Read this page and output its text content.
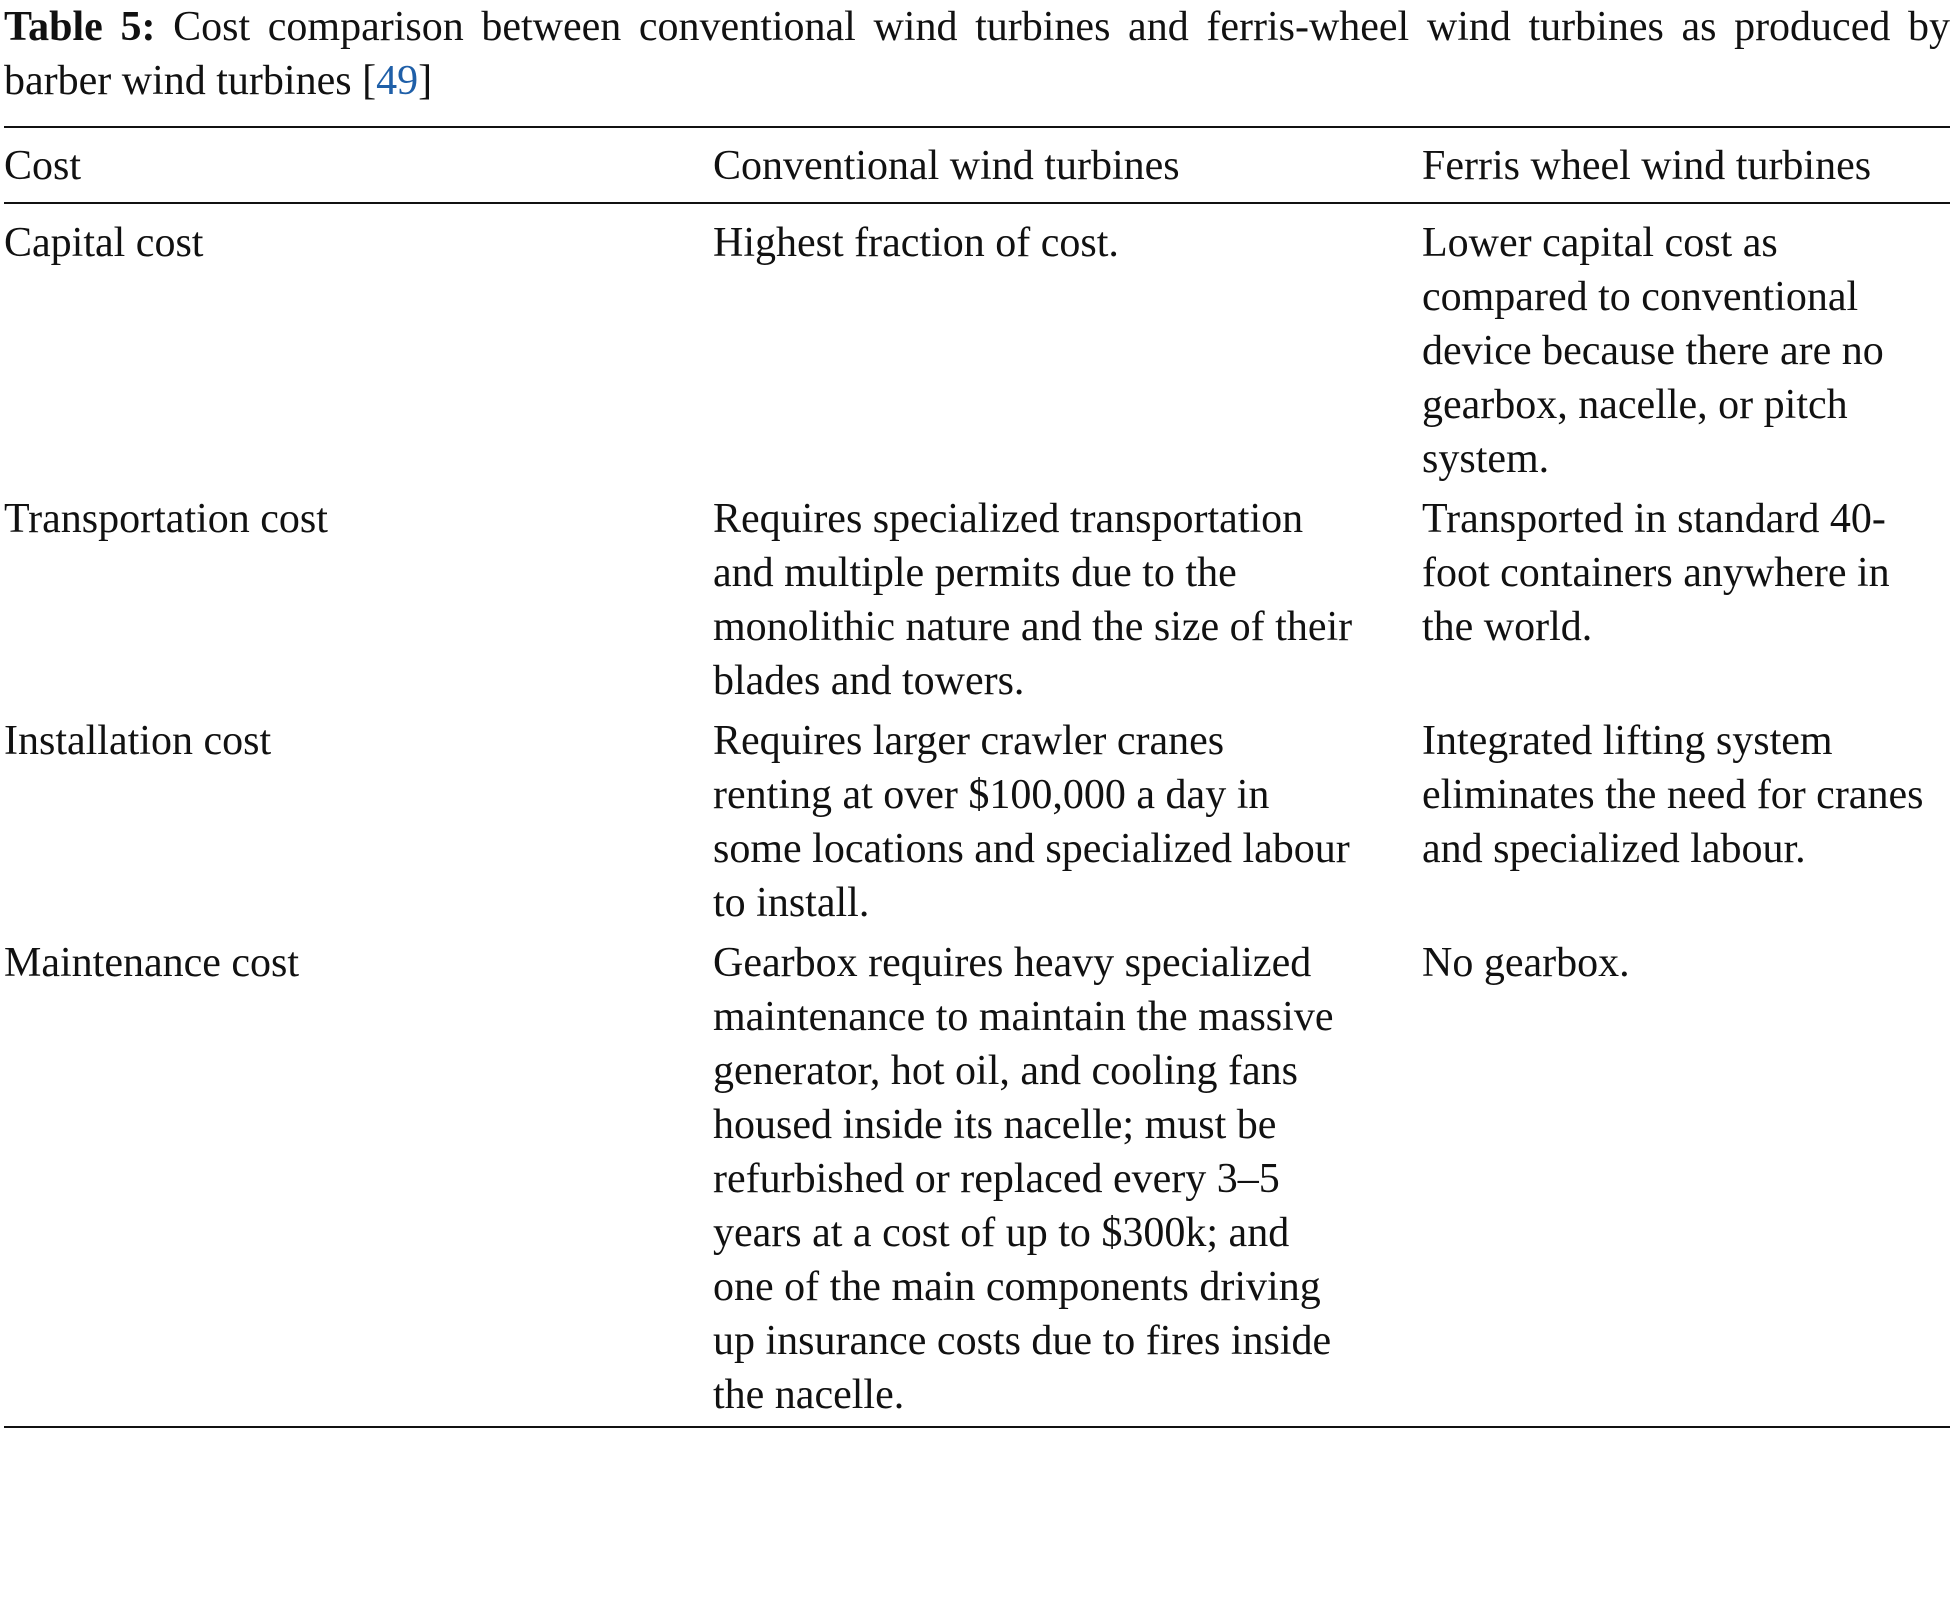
Table 5: Cost comparison between conventional wind turbines and ferris-wheel wind turbines as produced by barber wind turbines [49]

Cost	Conventional wind turbines	Ferris wheel wind turbines
Capital cost	Highest fraction of cost.	Lower capital cost as compared to conventional device because there are no gearbox, nacelle, or pitch system.

Transportation cost	Requires specialized transportation and multiple permits due to the monolithic nature and the size of their blades and towers.	Transported in standard 40-foot containers anywhere in the world.

Installation cost	Requires larger crawler cranes renting at over $100,000 a day in some locations and specialized labour to install.	Integrated lifting system eliminates the need for cranes and specialized labour.

Maintenance cost	Gearbox requires heavy specialized maintenance to maintain the massive generator, hot oil, and cooling fans housed inside its nacelle; must be refurbished or replaced every 3–5 years at a cost of up to $300k; and one of the main components driving up insurance costs due to fires inside the nacelle.	No gearbox.
